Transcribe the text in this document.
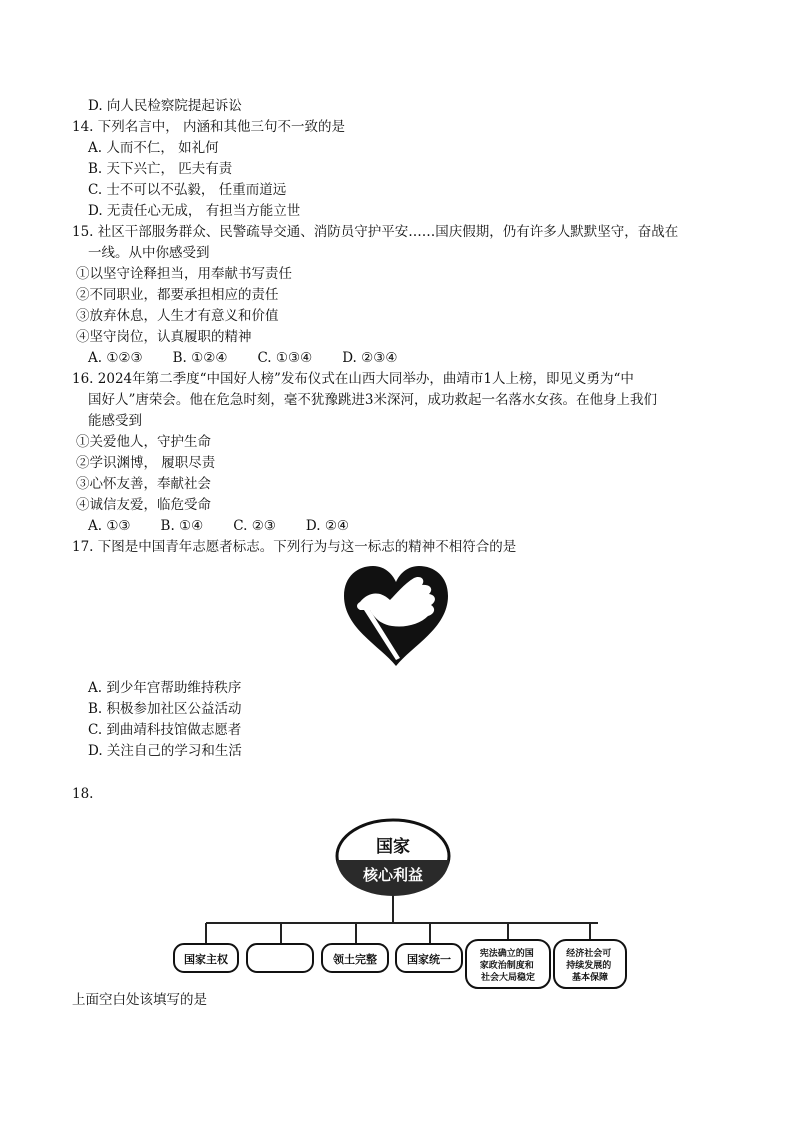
D. 向人民检察院提起诉讼
14. 下列名言中， 内涵和其他三句不一致的是
A. 人而不仁， 如礼何
B. 天下兴亡， 匹夫有责
C. 士不可以不弘毅， 任重而道远
D. 无责任心无成， 有担当方能立世
15. 社区干部服务群众、民警疏导交通、消防员守护平安……国庆假期，仍有许多人默默坚守，奋战在
一线。从中你感受到
①以坚守诠释担当，用奉献书写责任
②不同职业，都要承担相应的责任
③放弃休息，人生才有意义和价值
④坚守岗位，认真履职的精神
A. ①②③ B. ①②④ C. ①③④ D. ②③④
16. 2024年第二季度“中国好人榜”发布仪式在山西大同举办，曲靖市1人上榜，即见义勇为“中
国好人”唐荣会。他在危急时刻，毫不犹豫跳进3米深河，成功救起一名落水女孩。在他身上我们
能感受到
①关爱他人，守护生命
②学识渊博， 履职尽责
③心怀友善，奉献社会
④诚信友爱，临危受命
A. ①③ B. ①④ C. ②③ D. ②④
17. 下图是中国青年志愿者标志。下列行为与这一标志的精神不相符合的是
A. 到少年宫帮助维持秩序
B. 积极参加社区公益活动
C. 到曲靖科技馆做志愿者
D. 关注自己的学习和生活
18.
国家
核心利益
国家主权	领土完整	国家统一
宪法确立的国 家政治制度和 社会大局稳定
经济社会可 持续发展的 基本保障
上面空白处该填写的是
